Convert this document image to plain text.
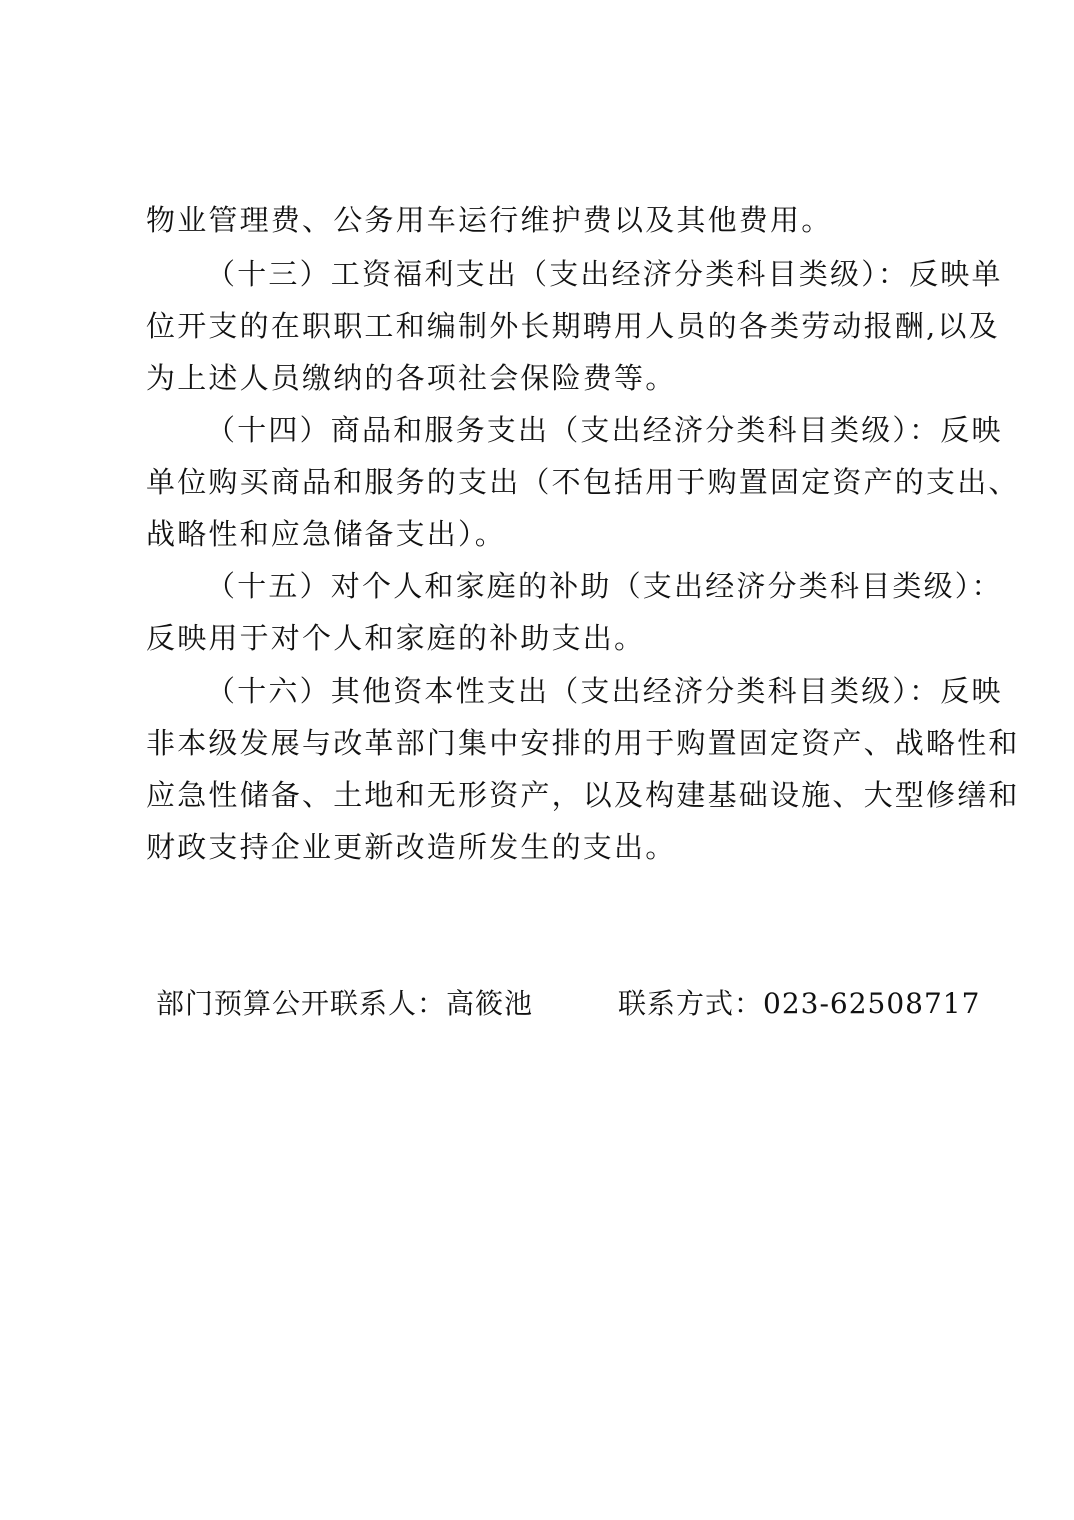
物业管理费、公务用车运行维护费以及其他费用。
（十三）工资福利支出（支出经济分类科目类级）：反映单
位开支的在职职工和编制外长期聘用人员的各类劳动报酬,以及
为上述人员缴纳的各项社会保险费等。
（十四）商品和服务支出（支出经济分类科目类级）：反映
单位购买商品和服务的支出（不包括用于购置固定资产的支出、
战略性和应急储备支出）。
（十五）对个人和家庭的补助（支出经济分类科目类级）：
反映用于对个人和家庭的补助支出。
（十六）其他资本性支出（支出经济分类科目类级）：反映
非本级发展与改革部门集中安排的用于购置固定资产、战略性和
应急性储备、土地和无形资产，以及构建基础设施、大型修缮和
财政支持企业更新改造所发生的支出。
部门预算公开联系人：高筱池	联系方式：023-62508717
